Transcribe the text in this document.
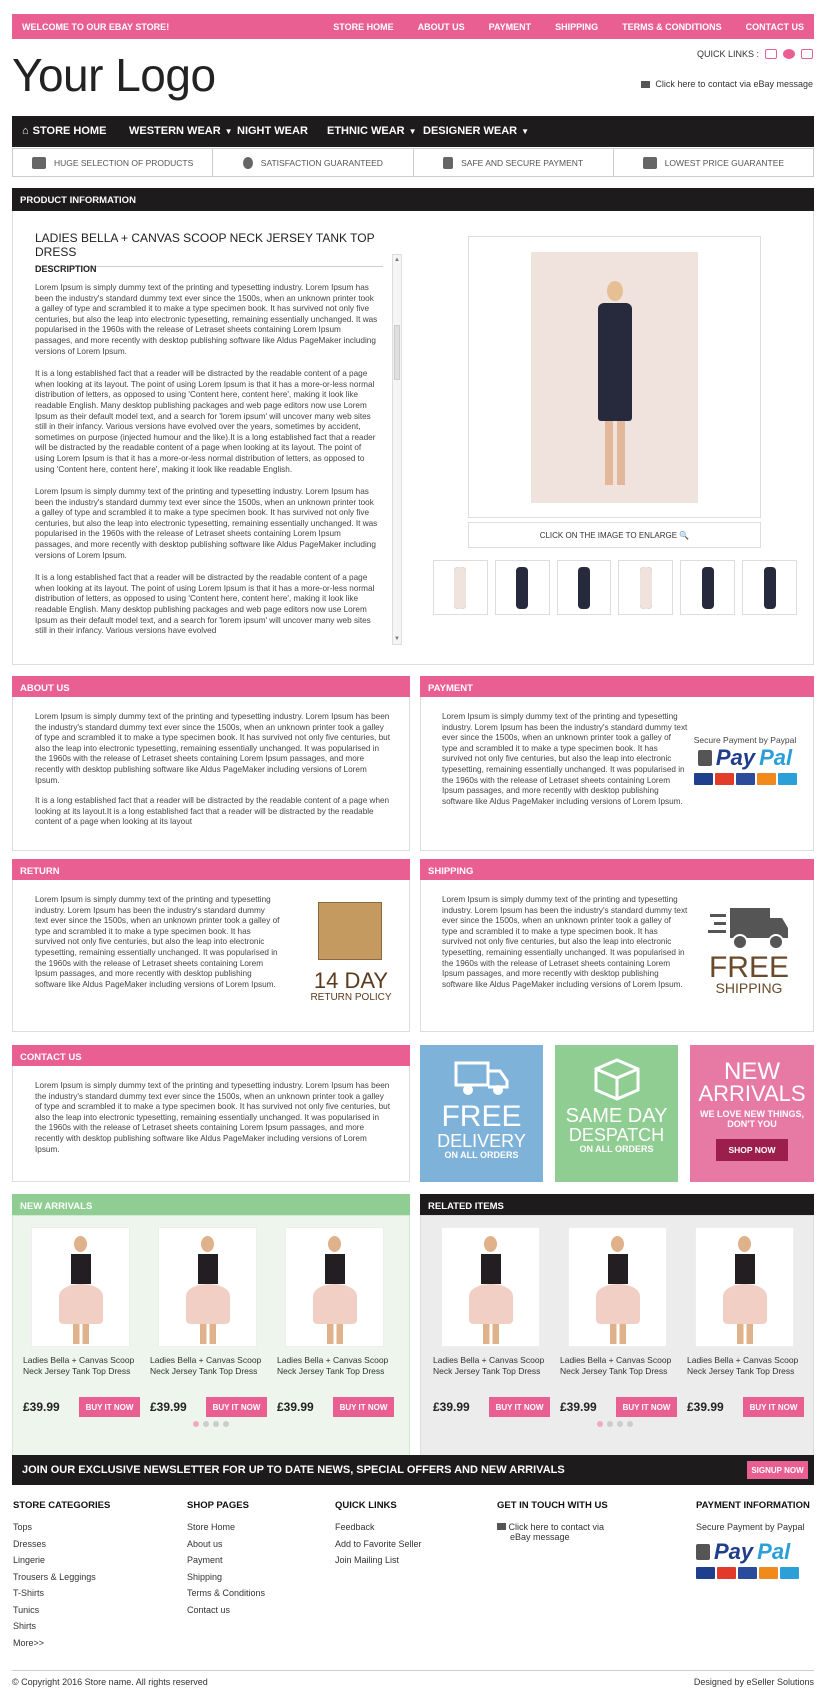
WELCOME TO OUR EBAY STORE!	STORE HOME	ABOUT US	PAYMENT	SHIPPING	TERMS & CONDITIONS	CONTACT US
Your Logo	QUICK LINKS :
Click here to contact via eBay message
⌂ STORE HOME WESTERN WEAR ▼ NIGHT WEAR ETHNIC WEAR ▼ DESIGNER WEAR ▼
HUGE SELECTION OF PRODUCTS	SATISFACTION GUARANTEED	SAFE AND SECURE PAYMENT	LOWEST PRICE GUARANTEE
PRODUCT INFORMATION
LADIES BELLA + CANVAS SCOOP NECK JERSEY TANK TOP DRESS
DESCRIPTION

Lorem Ipsum is simply dummy text of the printing and typesetting industry. Lorem Ipsum has been the industry's standard dummy text ever since the 1500s, when an unknown printer took a galley of type and scrambled it to make a type specimen book. It has survived not only five centuries, but also the leap into electronic typesetting, remaining essentially unchanged. It was popularised in the 1960s with the release of Letraset sheets containing Lorem Ipsum passages, and more recently with desktop publishing software like Aldus PageMaker including versions of Lorem Ipsum.

It is a long established fact that a reader will be distracted by the readable content of a page when looking at its layout. The point of using Lorem Ipsum is that it has a more-or-less normal distribution of letters, as opposed to using 'Content here, content here', making it look like readable English. Many desktop publishing packages and web page editors now use Lorem Ipsum as their default model text, and a search for 'lorem ipsum' will uncover many web sites still in their infancy. Various versions have evolved over the years, sometimes by accident, sometimes on purpose (injected humour and the like).It is a long established fact that a reader will be distracted by the readable content of a page when looking at its layout. The point of using Lorem Ipsum is that it has a more-or-less normal distribution of letters, as opposed to using 'Content here, content here', making it look like readable English.

Lorem Ipsum is simply dummy text of the printing and typesetting industry. Lorem Ipsum has been the industry's standard dummy text ever since the 1500s, when an unknown printer took a galley of type and scrambled it to make a type specimen book. It has survived not only five centuries, but also the leap into electronic typesetting, remaining essentially unchanged. It was popularised in the 1960s with the release of Letraset sheets containing Lorem Ipsum passages, and more recently with desktop publishing software like Aldus PageMaker including versions of Lorem Ipsum.

It is a long established fact that a reader will be distracted by the readable content of a page when looking at its layout. The point of using Lorem Ipsum is that it has a more-or-less normal distribution of letters, as opposed to using 'Content here, content here', making it look like readable English. Many desktop publishing packages and web page editors now use Lorem Ipsum as their default model text, and a search for 'lorem ipsum' will uncover many web sites still in their infancy. Various versions have evolved

▲
▼
CLICK ON THE IMAGE TO ENLARGE 🔍
ABOUT US

Lorem Ipsum is simply dummy text of the printing and typesetting industry. Lorem Ipsum has been the industry's standard dummy text ever since the 1500s, when an unknown printer took a galley of type and scrambled it to make a type specimen book. It has survived not only five centuries, but also the leap into electronic typesetting, remaining essentially unchanged. It was popularised in the 1960s with the release of Letraset sheets containing Lorem Ipsum passages, and more recently with desktop publishing software like Aldus PageMaker including versions of Lorem Ipsum.

It is a long established fact that a reader will be distracted by the readable content of a page when looking at its layout.It is a long established fact that a reader will be distracted by the readable content of a page when looking at its layout

PAYMENT
Lorem Ipsum is simply dummy text of the printing and typesetting industry. Lorem Ipsum has been the industry's standard dummy text ever since the 1500s, when an unknown printer took a galley of type and scrambled it to make a type specimen book. It has survived not only five centuries, but also the leap into electronic typesetting, remaining essentially unchanged. It was popularised in the 1960s with the release of Letraset sheets containing Lorem Ipsum passages, and more recently with desktop publishing software like Aldus PageMaker including versions of Lorem Ipsum.
Secure Payment by Paypal
Pay Pal
RETURN
Lorem Ipsum is simply dummy text of the printing and typesetting industry. Lorem Ipsum has been the industry's standard dummy text ever since the 1500s, when an unknown printer took a galley of type and scrambled it to make a type specimen book. It has survived not only five centuries, but also the leap into electronic typesetting, remaining essentially unchanged. It was popularised in the 1960s with the release of Letraset sheets containing Lorem Ipsum passages, and more recently with desktop publishing software like Aldus PageMaker including versions of Lorem Ipsum.	14 DAY
RETURN POLICY
SHIPPING
Lorem Ipsum is simply dummy text of the printing and typesetting industry. Lorem Ipsum has been the industry's standard dummy text ever since the 1500s, when an unknown printer took a galley of type and scrambled it to make a type specimen book. It has survived not only five centuries, but also the leap into electronic typesetting, remaining essentially unchanged. It was popularised in the 1960s with the release of Letraset sheets containing Lorem Ipsum passages, and more recently with desktop publishing software like Aldus PageMaker including versions of Lorem Ipsum.
FREE
SHIPPING
CONTACT US
Lorem Ipsum is simply dummy text of the printing and typesetting industry. Lorem Ipsum has been the industry's standard dummy text ever since the 1500s, when an unknown printer took a galley of type and scrambled it to make a type specimen book. It has survived not only five centuries, but also the leap into electronic typesetting, remaining essentially unchanged. It was popularised in the 1960s with the release of Letraset sheets containing Lorem Ipsum passages, and more recently with desktop publishing software like Aldus PageMaker including versions of Lorem Ipsum.
FREE
DELIVERY
ON ALL ORDERS
SAME DAY
DESPATCH
ON ALL ORDERS
NEW
ARRIVALS
WE LOVE NEW THINGS, DON'T YOU
SHOP NOW
NEW ARRIVALS
Ladies Bella + Canvas Scoop Neck Jersey Tank Top Dress
£39.99	BUY IT NOW
Ladies Bella + Canvas Scoop Neck Jersey Tank Top Dress
£39.99	BUY IT NOW
Ladies Bella + Canvas Scoop Neck Jersey Tank Top Dress
£39.99	BUY IT NOW
RELATED ITEMS
Ladies Bella + Canvas Scoop Neck Jersey Tank Top Dress
£39.99	BUY IT NOW
Ladies Bella + Canvas Scoop Neck Jersey Tank Top Dress
£39.99	BUY IT NOW
Ladies Bella + Canvas Scoop Neck Jersey Tank Top Dress
£39.99	BUY IT NOW
JOIN OUR EXCLUSIVE NEWSLETTER FOR UP TO DATE NEWS, SPECIAL OFFERS AND NEW ARRIVALS	SIGNUP NOW
STORE CATEGORIES
Tops
Dresses
Lingerie
Trousers & Leggings
T-Shirts
Tunics
Shirts
More>>
SHOP PAGES
Store Home
About us
Payment
Shipping
Terms & Conditions
Contact us
QUICK LINKS
Feedback
Add to Favorite Seller
Join Mailing List
GET IN TOUCH WITH US
Click here to contact via
eBay message
PAYMENT INFORMATION
Secure Payment by Paypal
Pay Pal
© Copyright 2016 Store name. All rights reserved	Designed by eSeller Solutions
